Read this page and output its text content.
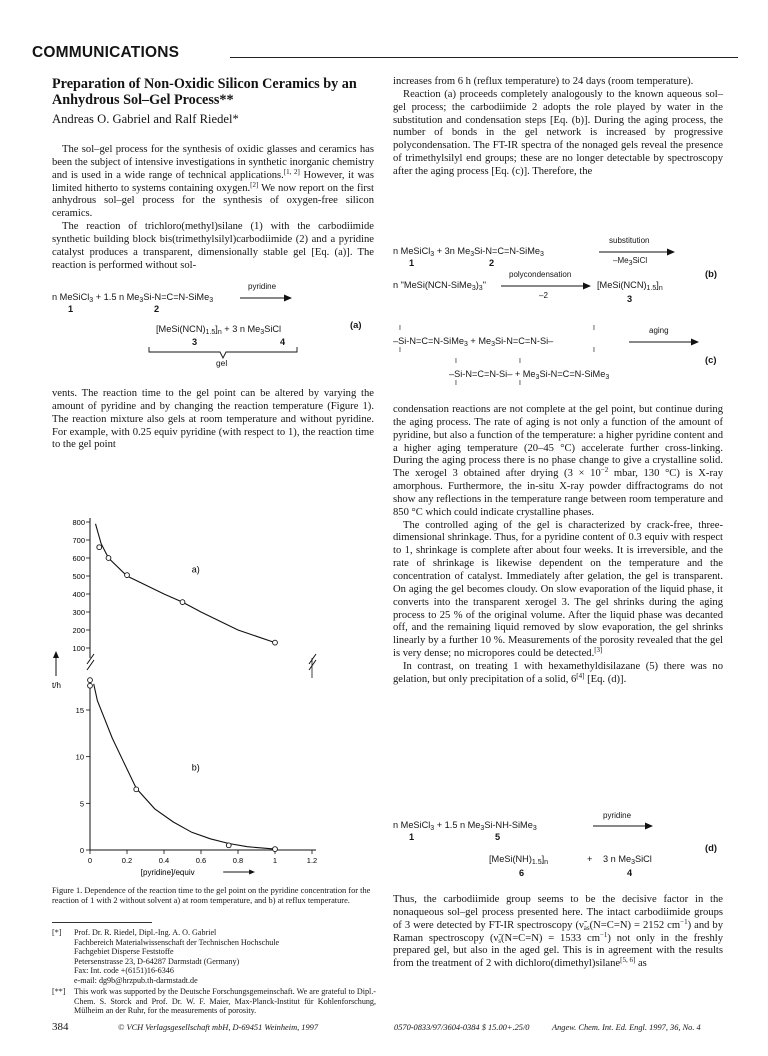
COMMUNICATIONS
Preparation of Non-Oxidic Silicon Ceramics by an Anhydrous Sol–Gel Process**
Andreas O. Gabriel and Ralf Riedel*

The sol–gel process for the synthesis of oxidic glasses and ceramics has been the subject of intensive investigations in synthetic inorganic chemistry and is used in a wide range of technical applications.[1, 2] However, it was limited hitherto to systems containing oxygen.[2] We now report on the first anhydrous sol–gel process for the synthesis of oxygen-free silicon ceramics.

The reaction of trichloro(methyl)silane (1) with the carbodiimide synthetic building block bis(trimethylsilyl)carbodiimide (2) and a pyridine catalyst produces a transparent, dimensionally stable gel [Eq. (a)]. The reaction is performed without sol-

n MeSiCl$_3$ + 1.5 n $Me_3Si-N=C=N-SiMe_3$
pyridine
1	2
$[MeSi(NCN)_{1.5}]_n + 3$ n $Me_3SiCl$
3	4
gel
(a)

vents. The reaction time to the gel point can be altered by varying the amount of pyridine and by changing the reaction temperature (Figure 1). The reaction mixture also gels at room temperature and without pyridine. For example, with 0.25 equiv pyridine (with respect to 1), the reaction time to the gel point

800
700
600
500
400
300
200
100
15
10
5
0
0	0.2	0.4	0.6	0.8	1	1.2
[pyridine]/equiv
t/h
a)
b)
Figure 1. Dependence of the reaction time to the gel point on the pyridine concentration for the reaction of 1 with 2 without solvent a) at room temperature, and b) at reflux temperature.
[*] Prof. Dr. R. Riedel, Dipl.-Ing. A. O. Gabriel
Fachbereich Materialwissenschaft der Technischen Hochschule
Fachgebiet Disperse Feststoffe
Petersenstrasse 23, D-64287 Darmstadt (Germany)
Fax: Int. code +(6151)16-6346
e-mail: dg9b@hrzpub.th-darmstadt.de
[**] This work was supported by the Deutsche Forschungsgemeinschaft. We are grateful to Dipl.-Chem. S. Storck and Prof. Dr. W. F. Maier, Max-Planck-Institut für Kohlenforschung, Mülheim an der Ruhr, for the measurements of porosity.

increases from 6 h (reflux temperature) to 24 days (room temperature).

Reaction (a) proceeds completely analogously to the known aqueous sol–gel process; the carbodiimide 2 adopts the role played by water in the substitution and condensation steps [Eq. (b)]. During the aging process, the number of bonds in the gel network is increased by progressive polycondensation. The FT-IR spectra of the nonaged gels reveal the presence of trimethylsilyl end groups; these are no longer detectable by spectroscopy after the aging process [Eq. (c)]. Therefore, the

n MeSiCl$_3$ + 3n $Me_3Si-N=C=N-SiMe_3$
substitution
$-Me_3SiCl$
1	2
n "$MeSi(NCN-SiMe_3)_3$"
polycondensation
–2
$[MeSi(NCN)_{1.5}]_n$
3
(b)
I
I
I
I
–Si-N=C=N-SiMe$_3$ + $Me_3Si-N=C=N-Si-$
aging
I
I
I
I
$-Si-N=C=N-Si- + Me_3Si-N=C=N-SiMe_3$
(c)

condensation reactions are not complete at the gel point, but continue during the aging process. The rate of aging is not only a function of the amount of pyridine, but also a function of the temperature: a higher pyridine content and a higher aging temperature (20–45 °C) accelerate further cross-linking. During the aging process there is no phase change to give a crystalline solid. The xerogel 3 obtained after drying ($3 \times 10^{-2}$ mbar, 130 °C) is X-ray amorphous. Furthermore, the in-situ X-ray powder diffractograms do not show any reflections in the temperature range between room temperature and 850 °C which could indicate crystalline phases.

The controlled aging of the gel is characterized by crack-free, three-dimensional shrinkage. Thus, for a pyridine content of 0.3 equiv with respect to 1, shrinkage is complete after about four weeks. It is irreversible, and the rate of shrinkage is likewise dependent on the temperature and the concentration of catalyst. Immediately after gelation, the gel is transparent. On aging the gel becomes cloudy. On slow evaporation of the liquid phase, it converts into the transparent xerogel 3. The gel shrinks during the aging process to 25 % of the original volume. After the liquid phase was decanted off, and the remaining liquid removed by slow evaporation, the gel shrinks linearly by a further 10 %. Measurements of the porosity revealed that the gel is very dense; no micropores could be detected.[3]

In contrast, on treating 1 with hexamethyldisilazane (5) there was no gelation, but only precipitation of a solid, 6[4] [Eq. (d)].

n MeSiCl$_3$ + 1.5 n $Me_3Si-NH-SiMe_3$
pyridine
1	5
$[MeSi(NH)_{1.5}]_n$	+ 3 n $Me_3SiCl$
6	4
(d)

Thus, the carbodiimide group seems to be the decisive factor in the nonaqueous sol–gel process presented here. The intact carbodiimide groups of 3 were detected by FT-IR spectroscopy ($\nũ_{as}(N=C=N) = 2152$ $cm^{-1}$) and by Raman spectroscopy ($\nũ_s(N=C=N) = 1533$ $cm^{-1}$) not only in the freshly prepared gel, but also in the aged gel. This is in agreement with the results from the treatment of 2 with dichloro(dimethyl)silane[5, 6] as

384	© VCH Verlagsgesellschaft mbH, D-69451 Weinheim, 1997	0570-0833/97/3604-0384 $ 15.00+.25/0	Angew. Chem. Int. Ed. Engl. 1997, 36, No. 4
